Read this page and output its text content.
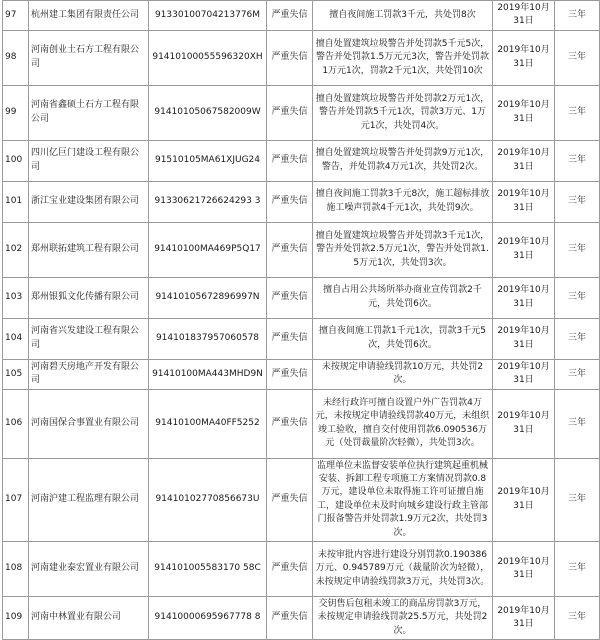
97	杭州建工集团有限责任公司	91330100704213776M	严重失信	擅自夜间施工罚款3千元，共处罚8次	2019年10月31日	三年
98	河南创业土石方工程有限公司	91410100055596320XH	严重失信	擅自处置建筑垃圾警告并处罚款5千元5次，警告并处罚款1.5万元元3次，警告并处罚款1万元1次，罚款2千元1次，共处罚10次	2019年10月31日	三年
99	河南省鑫硕土石方工程有限公司	91410105067582009W	严重失信	擅自处置建筑垃圾警告并处罚款2万元1次，警告并处罚款5千元1次，罚款3万元、1万元1次，共处罚4次。	2019年10月31日	三年
100	四川亿巨门建设工程有限公司	91510105MA61XJUG24	严重失信	擅自处置建筑垃圾警告并处罚款9万元1次，警告，并处罚款4万元1次，共处罚2次。	2019年10月31日	三年
101	浙江宝业建设集团有限公司	91330621726624293 3	严重失信	擅自夜间施工罚款3千元8次，施工超标排放施工噪声罚款4千元1次，共处罚9次。	2019年10月31日	三年
102	郑州联拓建筑工程有限公司	91410100MA469P5Q17	严重失信	擅自处置建筑垃圾警告并处罚款3千元1次，警告并处罚款2.5万元1次，警告并处罚款1.5万元1次，共处罚3次。	2019年10月31日	三年
103	郑州银狐文化传播有限公司	91410105672896997N	严重失信	擅自占用公共场所举办商业宣传罚款2千元，共处罚6次。	2019年10月31日	三年
104	河南省兴发建设工程有限公司	914101837957060578	严重失信	擅自夜间施工罚款1千元1次，罚款3千元5次，共处罚6次。	2019年10月31日	三年
105	河南碧天房地产开发有限公司	91410100MA443MHD9N	严重失信	未按规定申请验线罚款10万元，共处罚2次。	2019年10月31日	三年
106	河南国保合事置业有限公司	91410100MA40FF5252	严重失信	未经行政许可擅自设置户外广告罚款4万元，未按规定申请验线罚款40万元，未组织竣工验收，擅自交付使用罚款6.090536万元（处罚裁量阶次轻微），共处罚3次。	2019年10月31日	三年
107	河南沪建工程监理有限公司	91410102770856673U	严重失信	监理单位未监督安装单位执行建筑起重机械安装、拆卸工程专项施工方案情况罚款0.8万元，建设单位未取得施工许可证擅自施工，建设单位未及时向城乡建设行政主管部门报备警告并处罚款1.9万元2次，共处罚3次。	2019年10月31日	三年
108	河南建业泰宏置业有限公司	914101005583170 58C	严重失信	未按审批内容进行建设分别罚款0.190386万元、0.945789万元（裁量阶次为轻微），未按规定申请验线罚款3万元，共处罚3次。	2019年10月31日	三年
109	河南中林置业有限公司	91410000695967778 8	严重失信	交钥售后包租未竣工的商品房罚款3万元，未按规定申请验线罚款25.5万元，共处罚2次。	2019年10月31日	三年
